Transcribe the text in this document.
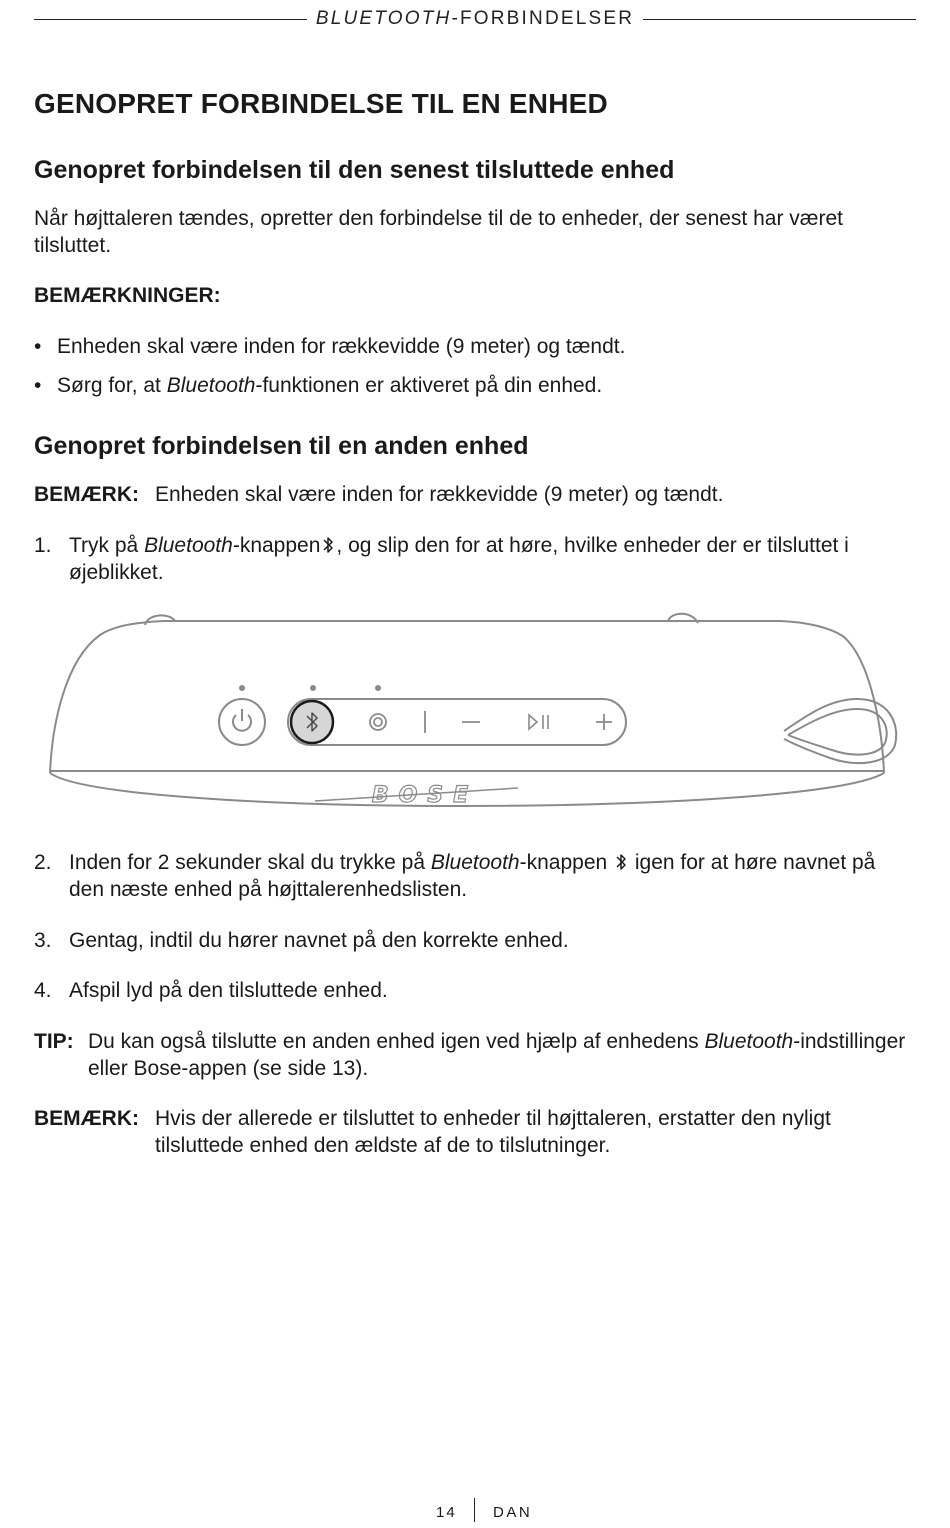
BLUETOOTH-FORBINDELSER
GENOPRET FORBINDELSE TIL EN ENHED
Genopret forbindelsen til den senest tilsluttede enhed

Når højttaleren tændes, opretter den forbindelse til de to enheder, der senest har været tilsluttet.

BEMÆRKNINGER:
• Enheden skal være inden for rækkevidde (9 meter) og tændt.
• Sørg for, at Bluetooth-funktionen er aktiveret på din enhed.
Genopret forbindelsen til en anden enhed
BEMÆRK: Enheden skal være inden for rækkevidde (9 meter) og tændt.
1. Tryk på Bluetooth-knappen , og slip den for at høre, hvilke enheder der er tilsluttet i øjeblikket.
BOSE
2. Inden for 2 sekunder skal du trykke på Bluetooth-knappen  igen for at høre navnet på den næste enhed på højttalerenhedslisten.
3. Gentag, indtil du hører navnet på den korrekte enhed.
4. Afspil lyd på den tilsluttede enhed.
TIP: Du kan også tilslutte en anden enhed igen ved hjælp af enhedens Bluetooth-indstillinger eller Bose-appen (se side 13).
BEMÆRK: Hvis der allerede er tilsluttet to enheder til højttaleren, erstatter den nyligt tilsluttede enhed den ældste af de to tilslutninger.
14 DAN
